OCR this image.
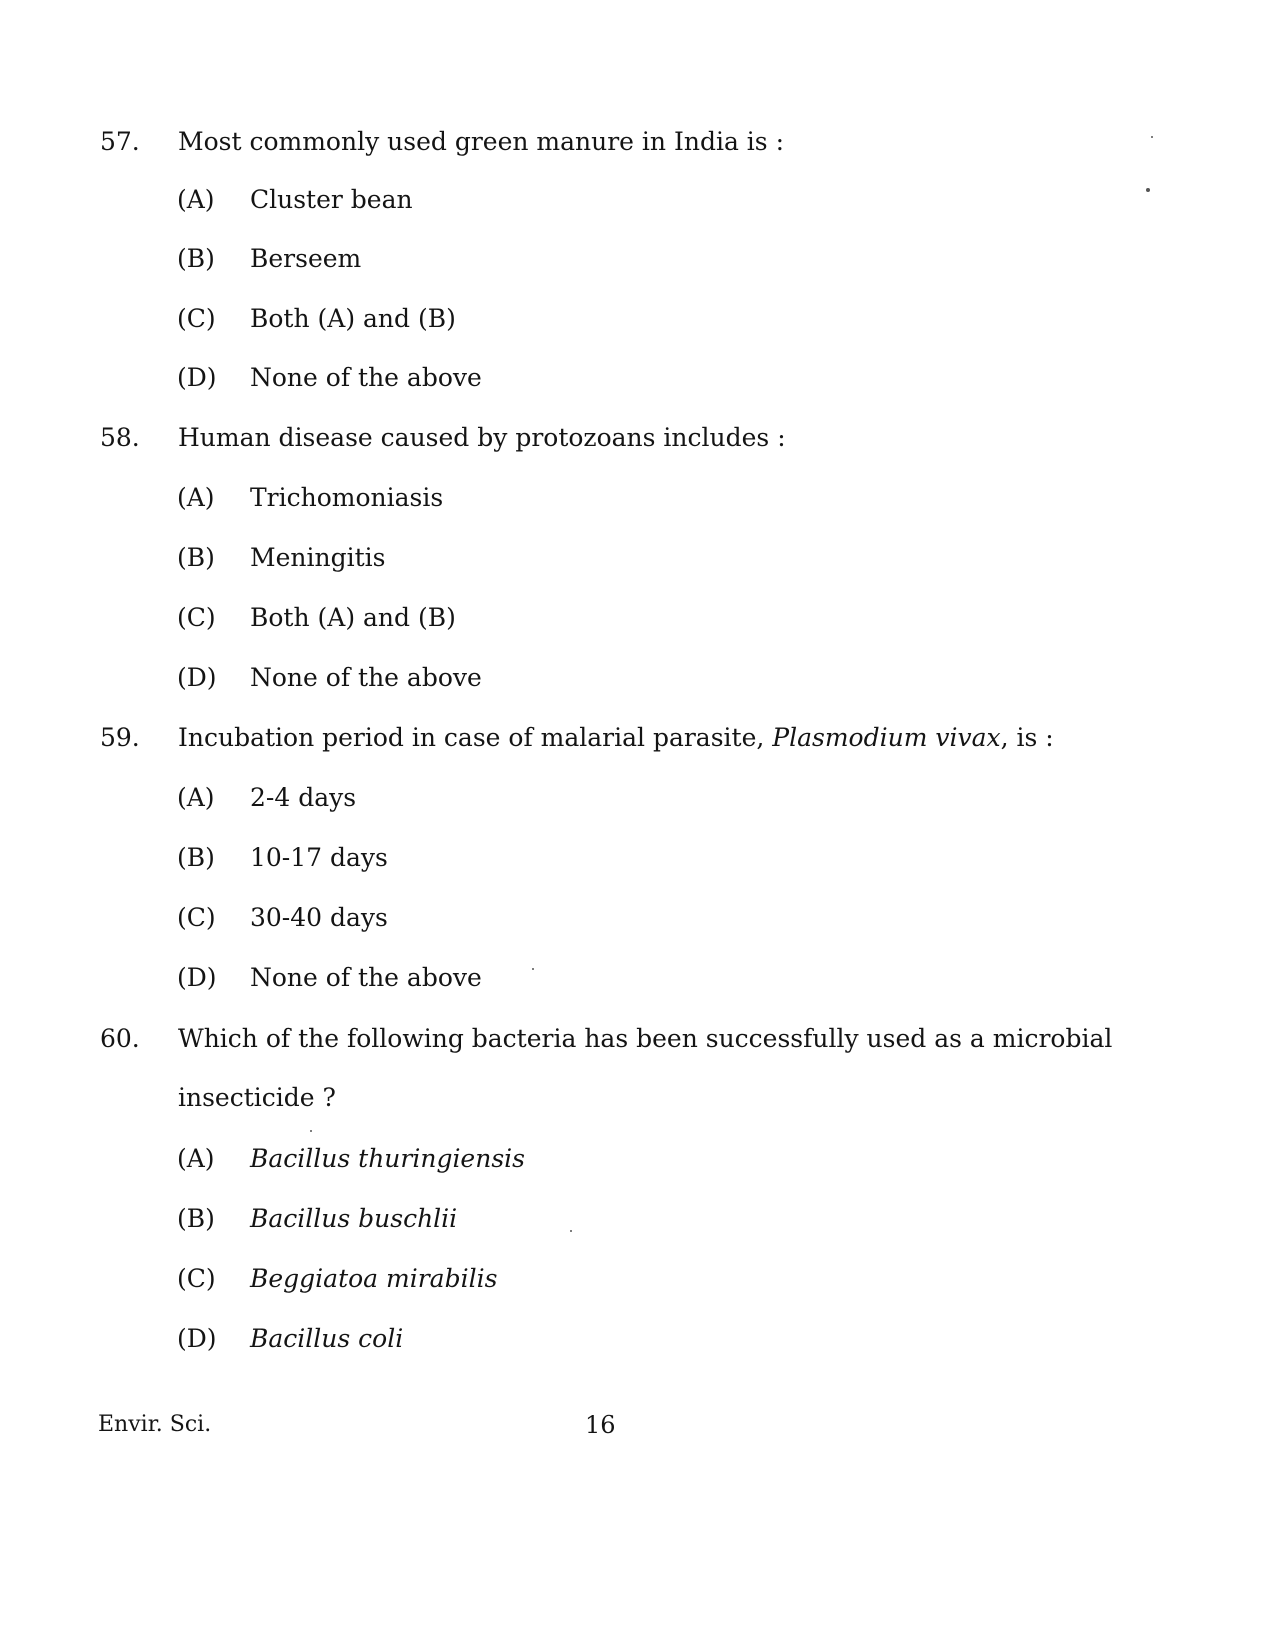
57. Most commonly used green manure in India is :
(A) Cluster bean
(B) Berseem
(C) Both (A) and (B)
(D) None of the above
58. Human disease caused by protozoans includes :
(A) Trichomoniasis
(B) Meningitis
(C) Both (A) and (B)
(D) None of the above
59. Incubation period in case of malarial parasite, Plasmodium vivax, is :
(A) 2-4 days
(B) 10-17 days
(C) 30-40 days
(D) None of the above
60. Which of the following bacteria has been successfully used as a microbial
insecticide ?
(A) Bacillus thuringiensis
(B) Bacillus buschlii
(C) Beggiatoa mirabilis
(D) Bacillus coli
Envir. Sci.	16
